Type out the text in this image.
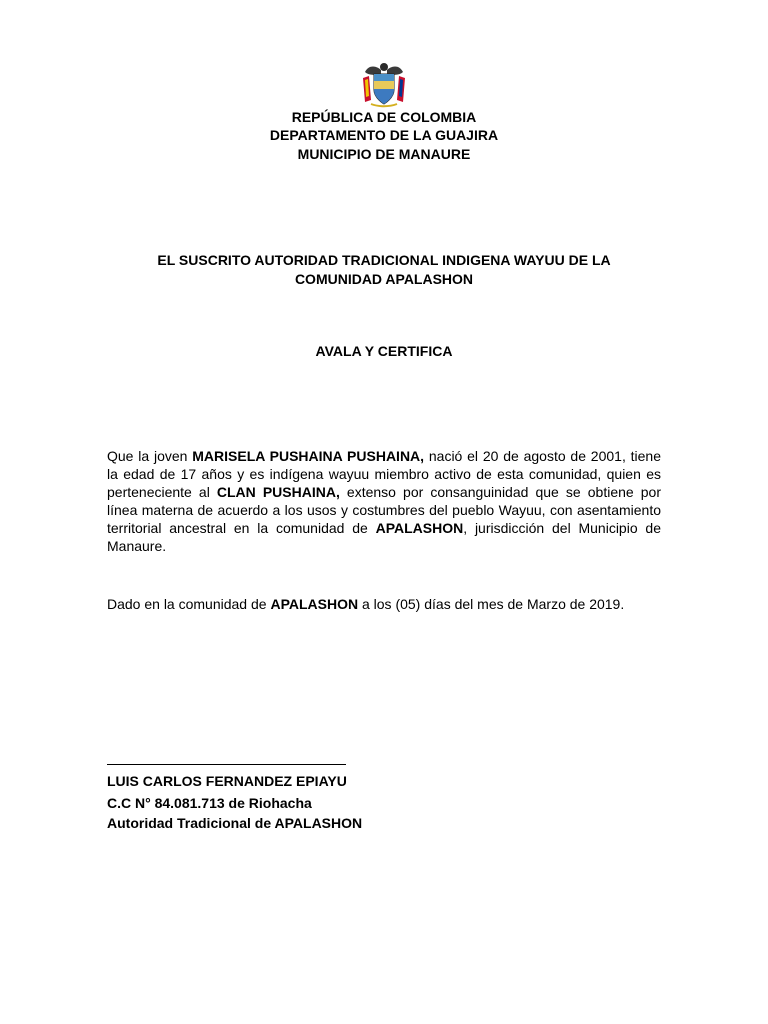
REPÚBLICA DE COLOMBIA
DEPARTAMENTO DE LA GUAJIRA
MUNICIPIO DE MANAURE
EL SUSCRITO AUTORIDAD TRADICIONAL INDIGENA WAYUU DE LA
COMUNIDAD APALASHON
AVALA Y CERTIFICA
Que la joven MARISELA PUSHAINA PUSHAINA, nació el 20 de agosto de 2001, tiene la edad de 17 años y es indígena wayuu miembro activo de esta comunidad, quien es perteneciente al CLAN PUSHAINA, extenso por consanguinidad que se obtiene por línea materna de acuerdo a los usos y costumbres del pueblo Wayuu, con asentamiento territorial ancestral en la comunidad de APALASHON, jurisdicción del Municipio de Manaure.
Dado en la comunidad de APALASHON a los (05) días del mes de Marzo de 2019.
LUIS CARLOS FERNANDEZ EPIAYU
C.C N° 84.081.713 de Riohacha
Autoridad Tradicional de APALASHON
